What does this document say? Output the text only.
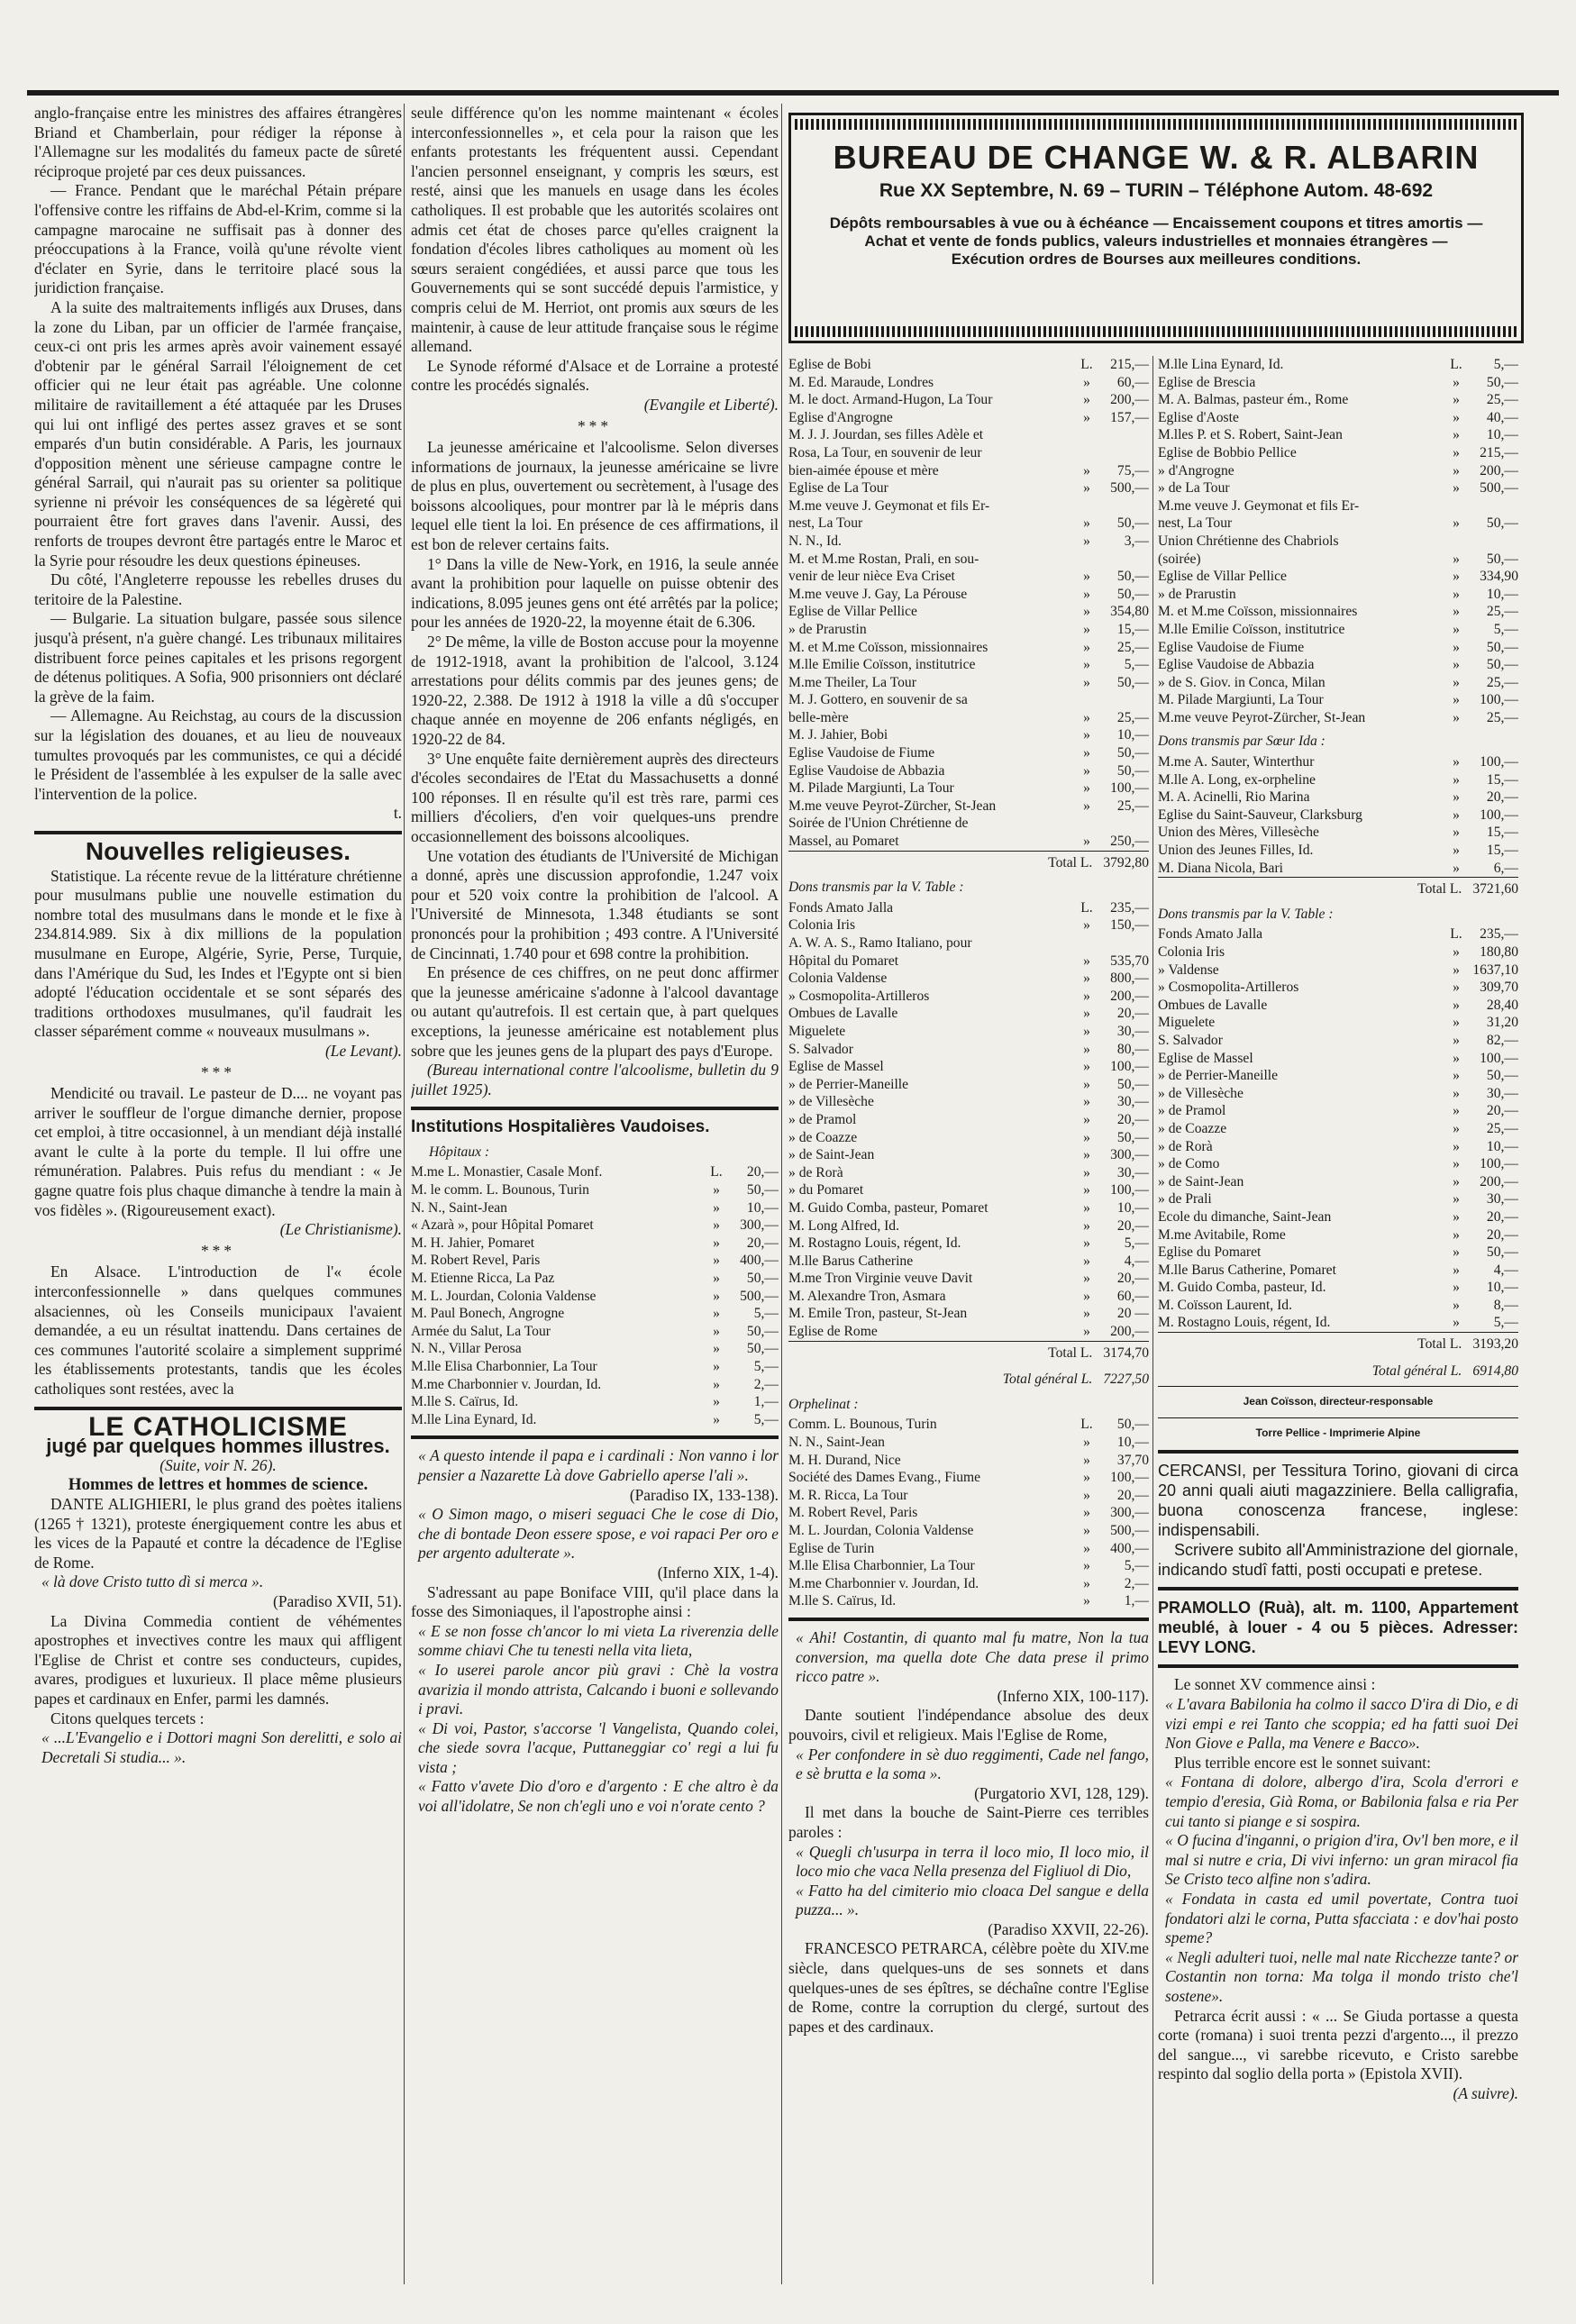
anglo-française entre les ministres des affaires étrangères Briand et Chamberlain, pour rédiger la réponse à l'Allemagne sur les modalités du fameux pacte de sûreté réciproque projeté par ces deux puissances.

— France. Pendant que le maréchal Pétain prépare l'offensive contre les riffains de Abd-el-Krim, comme si la campagne marocaine ne suffisait pas à donner des préoccupations à la France, voilà qu'une révolte vient d'éclater en Syrie, dans le territoire placé sous la juridiction française.

A la suite des maltraitements infligés aux Druses, dans la zone du Liban, par un officier de l'armée française, ceux-ci ont pris les armes après avoir vainement essayé d'obtenir par le général Sarrail l'éloignement de cet officier qui ne leur était pas agréable. Une colonne militaire de ravitaillement a été attaquée par les Druses qui lui ont infligé des pertes assez graves et se sont emparés d'un butin considérable. A Paris, les journaux d'opposition mènent une sérieuse campagne contre le général Sarrail, qui n'aurait pas su orienter sa politique syrienne ni prévoir les conséquences de sa légèreté qui pourraient être fort graves dans l'avenir. Aussi, des renforts de troupes devront être partagés entre le Maroc et la Syrie pour résoudre les deux questions épineuses.

Du côté, l'Angleterre repousse les rebelles druses du teritoire de la Palestine.

— Bulgarie. La situation bulgare, passée sous silence jusqu'à présent, n'a guère changé. Les tribunaux militaires distribuent force peines capitales et les prisons regorgent de détenus politiques. A Sofia, 900 prisonniers ont déclaré la grève de la faim.

— Allemagne. Au Reichstag, au cours de la discussion sur la législation des douanes, et au lieu de nouveaux tumultes provoqués par les communistes, ce qui a décidé le Président de l'assemblée à les expulser de la salle avec l'intervention de la police.

t.

Nouvelles religieuses.

Statistique. La récente revue de la littérature chrétienne pour musulmans publie une nouvelle estimation du nombre total des musulmans dans le monde et le fixe à 234.814.989. Six à dix millions de la population musulmane en Europe, Algérie, Syrie, Perse, Turquie, dans l'Amérique du Sud, les Indes et l'Egypte ont si bien adopté l'éducation occidentale et se sont séparés des traditions orthodoxes musulmanes, qu'il faudrait les classer séparément comme « nouveaux musulmans ».

(Le Levant).

***

Mendicité ou travail. Le pasteur de D.... ne voyant pas arriver le souffleur de l'orgue dimanche dernier, propose cet emploi, à titre occasionnel, à un mendiant déjà installé avant le culte à la porte du temple. Il lui offre une rémunération. Palabres. Puis refus du mendiant : « Je gagne quatre fois plus chaque dimanche à tendre la main à vos fidèles ». (Rigoureusement exact).

(Le Christianisme).

***

En Alsace. L'introduction de l'« école interconfessionnelle » dans quelques communes alsaciennes, où les Conseils municipaux l'avaient demandée, a eu un résultat inattendu. Dans certaines de ces communes l'autorité scolaire a simplement supprimé les établissements protestants, tandis que les écoles catholiques sont restées, avec la

LE CATHOLICISME
jugé par quelques hommes illustres.

(Suite, voir N. 26).

Hommes de lettres et hommes de science.

DANTE ALIGHIERI, le plus grand des poètes italiens (1265 † 1321), proteste énergiquement contre les abus et les vices de la Papauté et contre la décadence de l'Eglise de Rome.

« là dove Cristo tutto dì si merca ».

(Paradiso XVII, 51).

La Divina Commedia contient de véhémentes apostrophes et invectives contre les maux qui affligent l'Eglise de Christ et contre ses conducteurs, cupides, avares, prodigues et luxurieux. Il place même plusieurs papes et cardinaux en Enfer, parmi les damnés.

Citons quelques tercets :

« ...L'Evangelio e i Dottori magni Son derelitti, e solo ai Decretali Si studia... ».

seule différence qu'on les nomme maintenant « écoles interconfessionnelles », et cela pour la raison que les enfants protestants les fréquentent aussi. Cependant l'ancien personnel enseignant, y compris les sœurs, est resté, ainsi que les manuels en usage dans les écoles catholiques. Il est probable que les autorités scolaires ont admis cet état de choses parce qu'elles craignent la fondation d'écoles libres catholiques au moment où les sœurs seraient congédiées, et aussi parce que tous les Gouvernements qui se sont succédé depuis l'armistice, y compris celui de M. Herriot, ont promis aux sœurs de les maintenir, à cause de leur attitude française sous le régime allemand.

Le Synode réformé d'Alsace et de Lorraine a protesté contre les procédés signalés.

(Evangile et Liberté).

***

La jeunesse américaine et l'alcoolisme. Selon diverses informations de journaux, la jeunesse américaine se livre de plus en plus, ouvertement ou secrètement, à l'usage des boissons alcooliques, pour montrer par là le mépris dans lequel elle tient la loi. En présence de ces affirmations, il est bon de relever certains faits.

1° Dans la ville de New-York, en 1916, la seule année avant la prohibition pour laquelle on puisse obtenir des indications, 8.095 jeunes gens ont été arrêtés par la police; pour les années de 1920-22, la moyenne était de 6.306.

2° De même, la ville de Boston accuse pour la moyenne de 1912-1918, avant la prohibition de l'alcool, 3.124 arrestations pour délits commis par des jeunes gens; de 1920-22, 2.388. De 1912 à 1918 la ville a dû s'occuper chaque année en moyenne de 206 enfants négligés, en 1920-22 de 84.

3° Une enquête faite dernièrement auprès des directeurs d'écoles secondaires de l'Etat du Massachusetts a donné 100 réponses. Il en résulte qu'il est très rare, parmi ces milliers d'écoliers, d'en voir quelques-uns prendre occasionnellement des boissons alcooliques.

Une votation des étudiants de l'Université de Michigan a donné, après une discussion approfondie, 1.247 voix pour et 520 voix contre la prohibition de l'alcool. A l'Université de Minnesota, 1.348 étudiants se sont prononcés pour la prohibition ; 493 contre. A l'Université de Cincinnati, 1.740 pour et 698 contre la prohibition.

En présence de ces chiffres, on ne peut donc affirmer que la jeunesse américaine s'adonne à l'alcool davantage ou autant qu'autrefois. Il est certain que, à part quelques exceptions, la jeunesse américaine est notablement plus sobre que les jeunes gens de la plupart des pays d'Europe.

(Bureau international contre l'alcoolisme, bulletin du 9 juillet 1925).

Institutions Hospitalières Vaudoises.
Hôpitaux :
M.me L. Monastier, Casale Monf.	L.	20,—
M. le comm. L. Bounous, Turin	»	50,—
N. N., Saint-Jean	»	10,—
« Azarà », pour Hôpital Pomaret	»	300,—
M. H. Jahier, Pomaret	»	20,—
M. Robert Revel, Paris	»	400,—
M. Etienne Ricca, La Paz	»	50,—
M. L. Jourdan, Colonia Valdense	»	500,—
M. Paul Bonech, Angrogne	»	5,—
Armée du Salut, La Tour	»	50,—
N. N., Villar Perosa	»	50,—
M.lle Elisa Charbonnier, La Tour	»	5,—
M.me Charbonnier v. Jourdan, Id.	»	2,—
M.lle S. Caïrus, Id.	»	1,—
M.lle Lina Eynard, Id.	»	5,—

« A questo intende il papa e i cardinali : Non vanno i lor pensier a Nazarette Là dove Gabriello aperse l'ali ».

(Paradiso IX, 133-138).

« O Simon mago, o miseri seguaci Che le cose di Dio, che di bontade Deon essere spose, e voi rapaci Per oro e per argento adulterate ».

(Inferno XIX, 1-4).

S'adressant au pape Boniface VIII, qu'il place dans la fosse des Simoniaques, il l'apostrophe ainsi :

« E se non fosse ch'ancor lo mi vieta La riverenzia delle somme chiavi Che tu tenesti nella vita lieta,

« Io userei parole ancor più gravi : Chè la vostra avarizia il mondo attrista, Calcando i buoni e sollevando i pravi.

« Di voi, Pastor, s'accorse 'l Vangelista, Quando colei, che siede sovra l'acque, Puttaneggiar co' regi a lui fu vista ;

« Fatto v'avete Dio d'oro e d'argento : E che altro è da voi all'idolatre, Se non ch'egli uno e voi n'orate cento ?

BUREAU DE CHANGE W. & R. ALBARIN
Rue XX Septembre, N. 69 – TURIN – Téléphone Autom. 48-692
Dépôts remboursables à vue ou à échéance — Encaissement coupons et titres amortis — Achat et vente de fonds publics, valeurs industrielles et monnaies étrangères — Exécution ordres de Bourses aux meilleures conditions.
Eglise de Bobi	L.	215,—
M. Ed. Maraude, Londres	»	60,—
M. le doct. Armand-Hugon, La Tour	»	200,—
Eglise d'Angrogne	»	157,—
M. J. J. Jourdan, ses filles Adèle et
Rosa, La Tour, en souvenir de leur
bien-aimée épouse et mère	»	75,—
Eglise de La Tour	»	500,—
M.me veuve J. Geymonat et fils Er-
nest, La Tour	»	50,—
N. N., Id.	»	3,—
M. et M.me Rostan, Prali, en sou-
venir de leur nièce Eva Criset	»	50,—
M.me veuve J. Gay, La Pérouse	»	50,—
Eglise de Villar Pellice	»	354,80
» de Prarustin	»	15,—
M. et M.me Coïsson, missionnaires	»	25,—
M.lle Emilie Coïsson, institutrice	»	5,—
M.me Theiler, La Tour	»	50,—
M. J. Gottero, en souvenir de sa
belle-mère	»	25,—
M. J. Jahier, Bobi	»	10,—
Eglise Vaudoise de Fiume	»	50,—
Eglise Vaudoise de Abbazia	»	50,—
M. Pilade Margiunti, La Tour	»	100,—
M.me veuve Peyrot-Zürcher, St-Jean	»	25,—
Soirée de l'Union Chrétienne de
Massel, au Pomaret	»	250,—
Total L. 3792,80
Dons transmis par la V. Table :
Fonds Amato Jalla	L.	235,—
Colonia Iris	»	150,—
A. W. A. S., Ramo Italiano, pour
Hôpital du Pomaret	»	535,70
Colonia Valdense	»	800,—
» Cosmopolita-Artilleros	»	200,—
Ombues de Lavalle	»	20,—
Miguelete	»	30,—
S. Salvador	»	80,—
Eglise de Massel	»	100,—
» de Perrier-Maneille	»	50,—
» de Villesèche	»	30,—
» de Pramol	»	20,—
» de Coazze	»	50,—
» de Saint-Jean	»	300,—
» de Rorà	»	30,—
» du Pomaret	»	100,—
M. Guido Comba, pasteur, Pomaret	»	10,—
M. Long Alfred, Id.	»	20,—
M. Rostagno Louis, régent, Id.	»	5,—
M.lle Barus Catherine	»	4,—
M.me Tron Virginie veuve Davit	»	20,—
M. Alexandre Tron, Asmara	»	60,—
M. Emile Tron, pasteur, St-Jean	»	20 —
Eglise de Rome	»	200,—
Total L. 3174,70
Total général L. 7227,50
Orphelinat :
Comm. L. Bounous, Turin	L.	50,—
N. N., Saint-Jean	»	10,—
M. H. Durand, Nice	»	37,70
Société des Dames Evang., Fiume	»	100,—
M. R. Ricca, La Tour	»	20,—
M. Robert Revel, Paris	»	300,—
M. L. Jourdan, Colonia Valdense	»	500,—
Eglise de Turin	»	400,—
M.lle Elisa Charbonnier, La Tour	»	5,—
M.me Charbonnier v. Jourdan, Id.	»	2,—
M.lle S. Caïrus, Id.	»	1,—

« Ahi! Costantin, di quanto mal fu matre, Non la tua conversion, ma quella dote Che data prese il primo ricco patre ».

(Inferno XIX, 100-117).

Dante soutient l'indépendance absolue des deux pouvoirs, civil et religieux. Mais l'Eglise de Rome,

« Per confondere in sè duo reggimenti, Cade nel fango, e sè brutta e la soma ».

(Purgatorio XVI, 128, 129).

Il met dans la bouche de Saint-Pierre ces terribles paroles :

« Quegli ch'usurpa in terra il loco mio, Il loco mio, il loco mio che vaca Nella presenza del Figliuol di Dio,

« Fatto ha del cimiterio mio cloaca Del sangue e della puzza... ».

(Paradiso XXVII, 22-26).

FRANCESCO PETRARCA, célèbre poète du XIV.me siècle, dans quelques-uns de ses sonnets et dans quelques-unes de ses épîtres, se déchaîne contre l'Eglise de Rome, contre la corruption du clergé, surtout des papes et des cardinaux.

M.lle Lina Eynard, Id.	L.	5,—
Eglise de Brescia	»	50,—
M. A. Balmas, pasteur ém., Rome	»	25,—
Eglise d'Aoste	»	40,—
M.lles P. et S. Robert, Saint-Jean	»	10,—
Eglise de Bobbio Pellice	»	215,—
» d'Angrogne	»	200,—
» de La Tour	»	500,—
M.me veuve J. Geymonat et fils Er-
nest, La Tour	»	50,—
Union Chrétienne des Chabriols
(soirée)	»	50,—
Eglise de Villar Pellice	»	334,90
» de Prarustin	»	10,—
M. et M.me Coïsson, missionnaires	»	25,—
M.lle Emilie Coïsson, institutrice	»	5,—
Eglise Vaudoise de Fiume	»	50,—
Eglise Vaudoise de Abbazia	»	50,—
» de S. Giov. in Conca, Milan	»	25,—
M. Pilade Margiunti, La Tour	»	100,—
M.me veuve Peyrot-Zürcher, St-Jean	»	25,—
Dons transmis par Sœur Ida :
M.me A. Sauter, Winterthur	»	100,—
M.lle A. Long, ex-orpheline	»	15,—
M. A. Acinelli, Rio Marina	»	20,—
Eglise du Saint-Sauveur, Clarksburg	»	100,—
Union des Mères, Villesèche	»	15,—
Union des Jeunes Filles, Id.	»	15,—
M. Diana Nicola, Bari	»	6,—
Total L. 3721,60
Dons transmis par la V. Table :
Fonds Amato Jalla	L.	235,—
Colonia Iris	»	180,80
» Valdense	» 1637,10
» Cosmopolita-Artilleros	»	309,70
Ombues de Lavalle	»	28,40
Miguelete	»	31,20
S. Salvador	»	82,—
Eglise de Massel	»	100,—
» de Perrier-Maneille	»	50,—
» de Villesèche	»	30,—
» de Pramol	»	20,—
» de Coazze	»	25,—
» de Rorà	»	10,—
» de Como	»	100,—
» de Saint-Jean	»	200,—
» de Prali	»	30,—
Ecole du dimanche, Saint-Jean	»	20,—
M.me Avitabile, Rome	»	20,—
Eglise du Pomaret	»	50,—
M.lle Barus Catherine, Pomaret	»	4,—
M. Guido Comba, pasteur, Id.	»	10,—
M. Coïsson Laurent, Id.	»	8,—
M. Rostagno Louis, régent, Id.	»	5,—
Total L. 3193,20
Total général L. 6914,80
Jean Coïsson, directeur-responsable
Torre Pellice - Imprimerie Alpine

CERCANSI, per Tessitura Torino, giovani di circa 20 anni quali aiuti magazziniere. Bella calligrafia, buona conoscenza francese, inglese: indispensabili.

Scrivere subito all'Amministrazione del giornale, indicando studî fatti, posti occupati e pretese.

PRAMOLLO (Ruà), alt. m. 1100, Appartement meublé, à louer - 4 ou 5 pièces. Adresser: LEVY LONG.

Le sonnet XV commence ainsi :

« L'avara Babilonia ha colmo il sacco D'ira di Dio, e di vizi empi e rei Tanto che scoppia; ed ha fatti suoi Dei Non Giove e Palla, ma Venere e Bacco».

Plus terrible encore est le sonnet suivant:

« Fontana di dolore, albergo d'ira, Scola d'errori e tempio d'eresia, Già Roma, or Babilonia falsa e ria Per cui tanto si piange e si sospira.

« O fucina d'inganni, o prigion d'ira, Ov'l ben more, e il mal si nutre e cria, Di vivi inferno: un gran miracol fia Se Cristo teco alfine non s'adira.

« Fondata in casta ed umil povertate, Contra tuoi fondatori alzi le corna, Putta sfacciata : e dov'hai posto speme?

« Negli adulteri tuoi, nelle mal nate Ricchezze tante? or Costantin non torna: Ma tolga il mondo tristo che'l sostene».

Petrarca écrit aussi : « ... Se Giuda portasse a questa corte (romana) i suoi trenta pezzi d'argento..., il prezzo del sangue..., vi sarebbe ricevuto, e Cristo sarebbe respinto dal soglio della porta » (Epistola XVII).

(A suivre).
